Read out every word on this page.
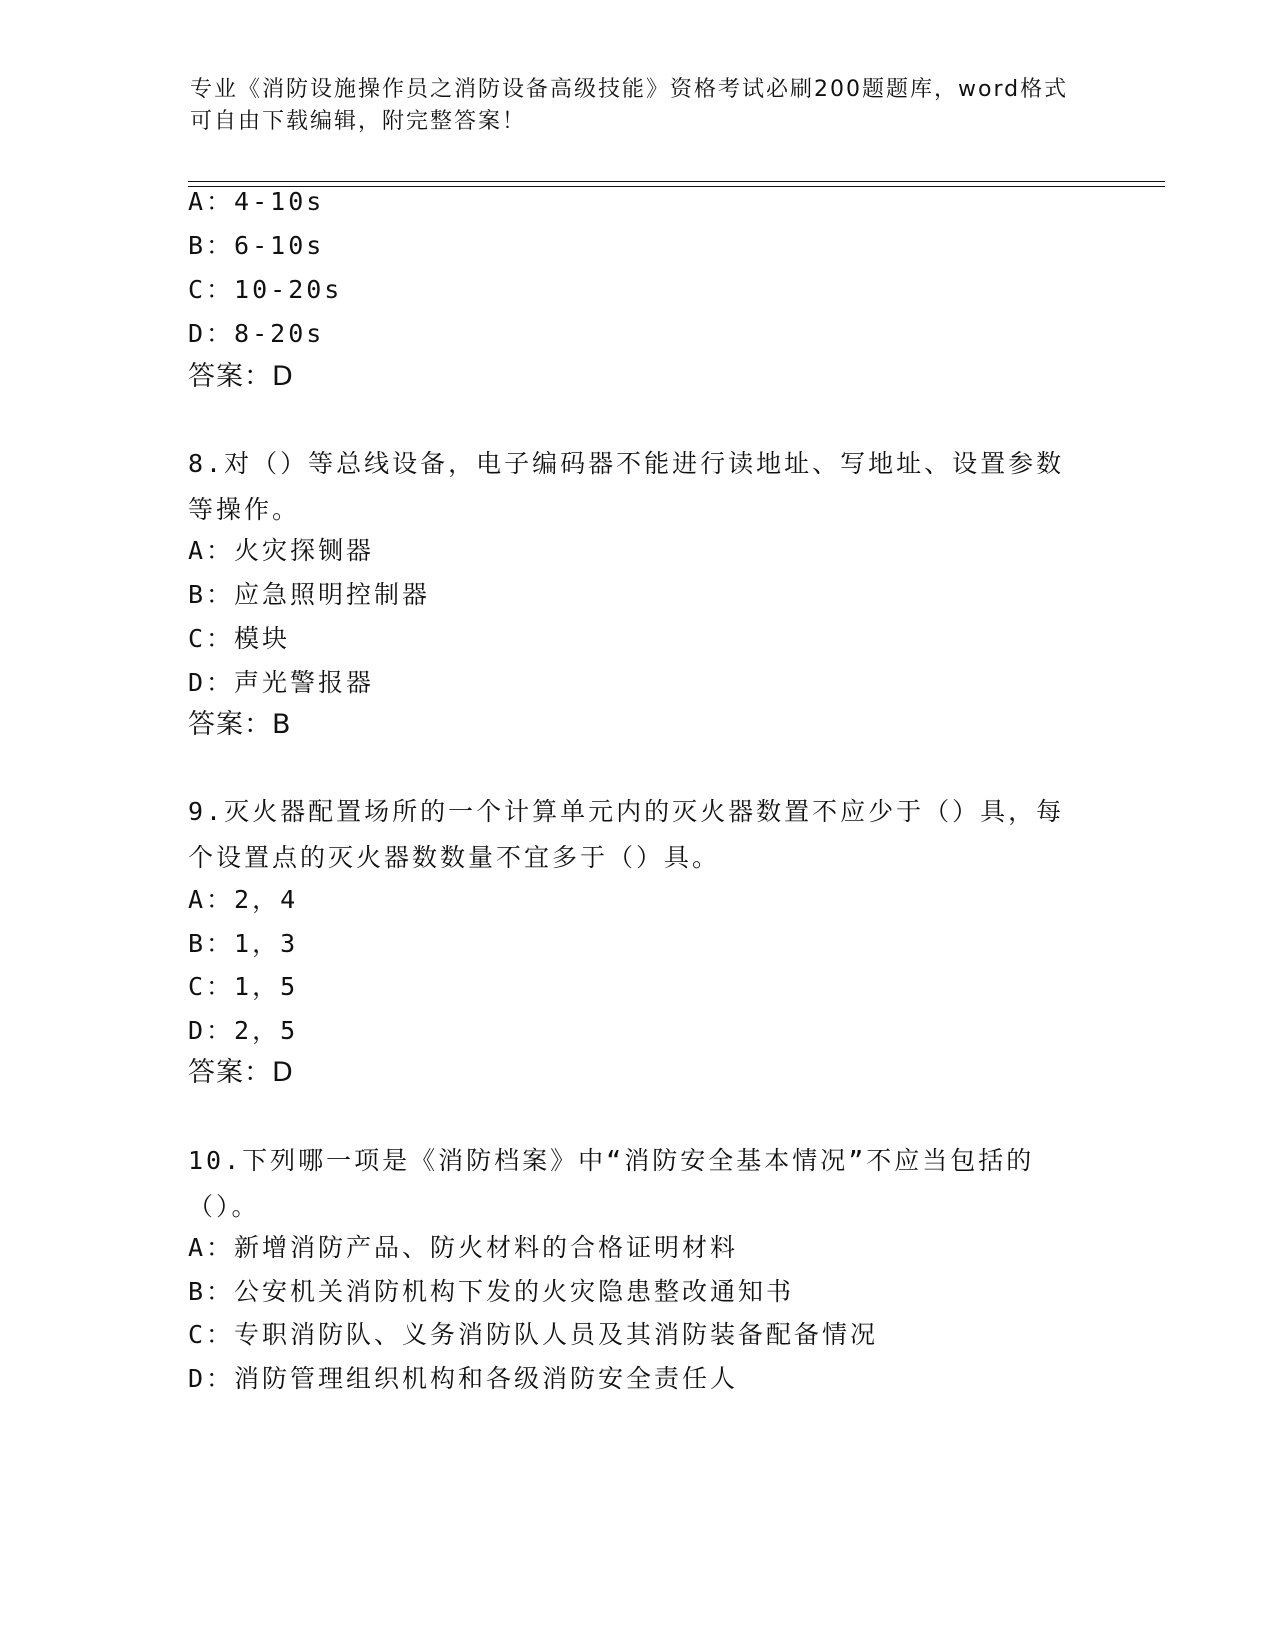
专业《消防设施操作员之消防设备高级技能》资格考试必刷200题题库，word格式可自由下载编辑，附完整答案！
A：4-10s
B：6-10s
C：10-20s
D：8-20s
答案：D
8.对（）等总线设备，电子编码器不能进行读地址、写地址、设置参数等操作。
A：火灾探铡器
B：应急照明控制器
C：模块
D：声光警报器
答案：B
9.灭火器配置场所的一个计算单元内的灭火器数置不应少于（）具，每个设置点的灭火器数数量不宜多于（）具。
A：2，4
B：1，3
C：1，5
D：2，5
答案：D
10.下列哪一项是《消防档案》中“消防安全基本情况”不应当包括的（）。
A：新增消防产品、防火材料的合格证明材料
B：公安机关消防机构下发的火灾隐患整改通知书
C：专职消防队、义务消防队人员及其消防装备配备情况
D：消防管理组织机构和各级消防安全责任人
